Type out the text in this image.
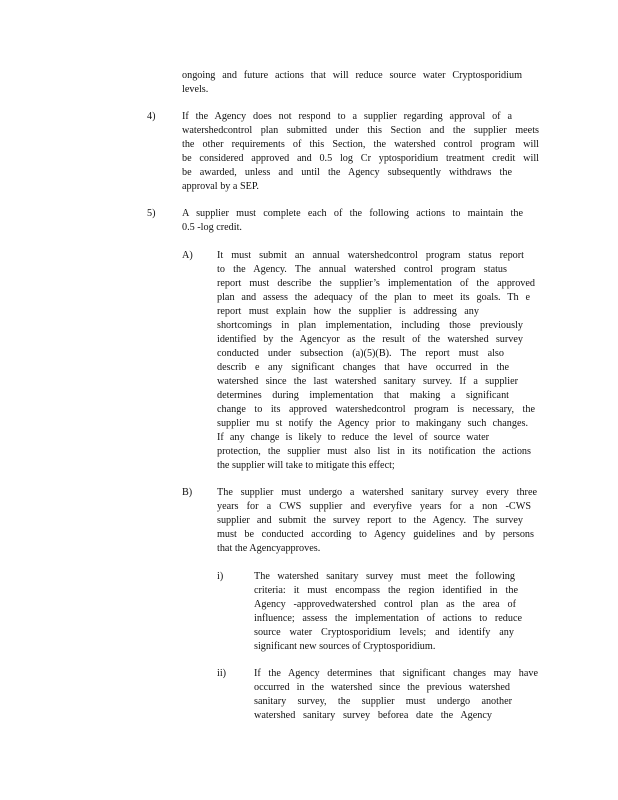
ongoing and future actions that will reduce source water Cryptosporidium
levels.
4)	If the Agency does not respond to a supplier regarding approval of a
watershedcontrol plan submitted under this Section and the supplier meets
the other requirements of this Section, the watershed control program will
be considered approved and 0.5 log Cr yptosporidium treatment credit will
be awarded, unless and until the Agency subsequently withdraws the
approval by a SEP.
5)	A supplier must complete each of the following actions to maintain the
0.5 -log credit.
A) It must submit an annual watershedcontrol program status report
to the Agency. The annual watershed control program status
report must describe the supplier’s implementation of the approved
plan and assess the adequacy of the plan to meet its goals. Th e
report must explain how the supplier is addressing any
shortcomings in plan implementation, including those previously
identified by the Agencyor as the result of the watershed survey
conducted under subsection (a)(5)(B). The report must also
describ e any significant changes that have occurred in the
watershed since the last watershed sanitary survey. If a supplier
determines during implementation that making a significant
change to its approved watershedcontrol program is necessary, the
supplier mu st notify the Agency prior to makingany such changes.
If any change is likely to reduce the level of source water
protection, the supplier must also list in its notification the actions
the supplier will take to mitigate this effect;
B) The supplier must undergo a watershed sanitary survey every three
years for a CWS supplier and everyfive years for a non -CWS
supplier and submit the survey report to the Agency. The survey
must be conducted according to Agency guidelines and by persons
that the Agencyapproves.
i)	The watershed sanitary survey must meet the following
criteria: it must encompass the region identified in the
Agency -approvedwatershed control plan as the area of
influence; assess the implementation of actions to reduce
source water Cryptosporidium levels; and identify any
significant new sources of Cryptosporidium.
ii)	If the Agency determines that significant changes may have
occurred in the watershed since the previous watershed
sanitary survey, the supplier must undergo another
watershed sanitary survey beforea date the Agency
